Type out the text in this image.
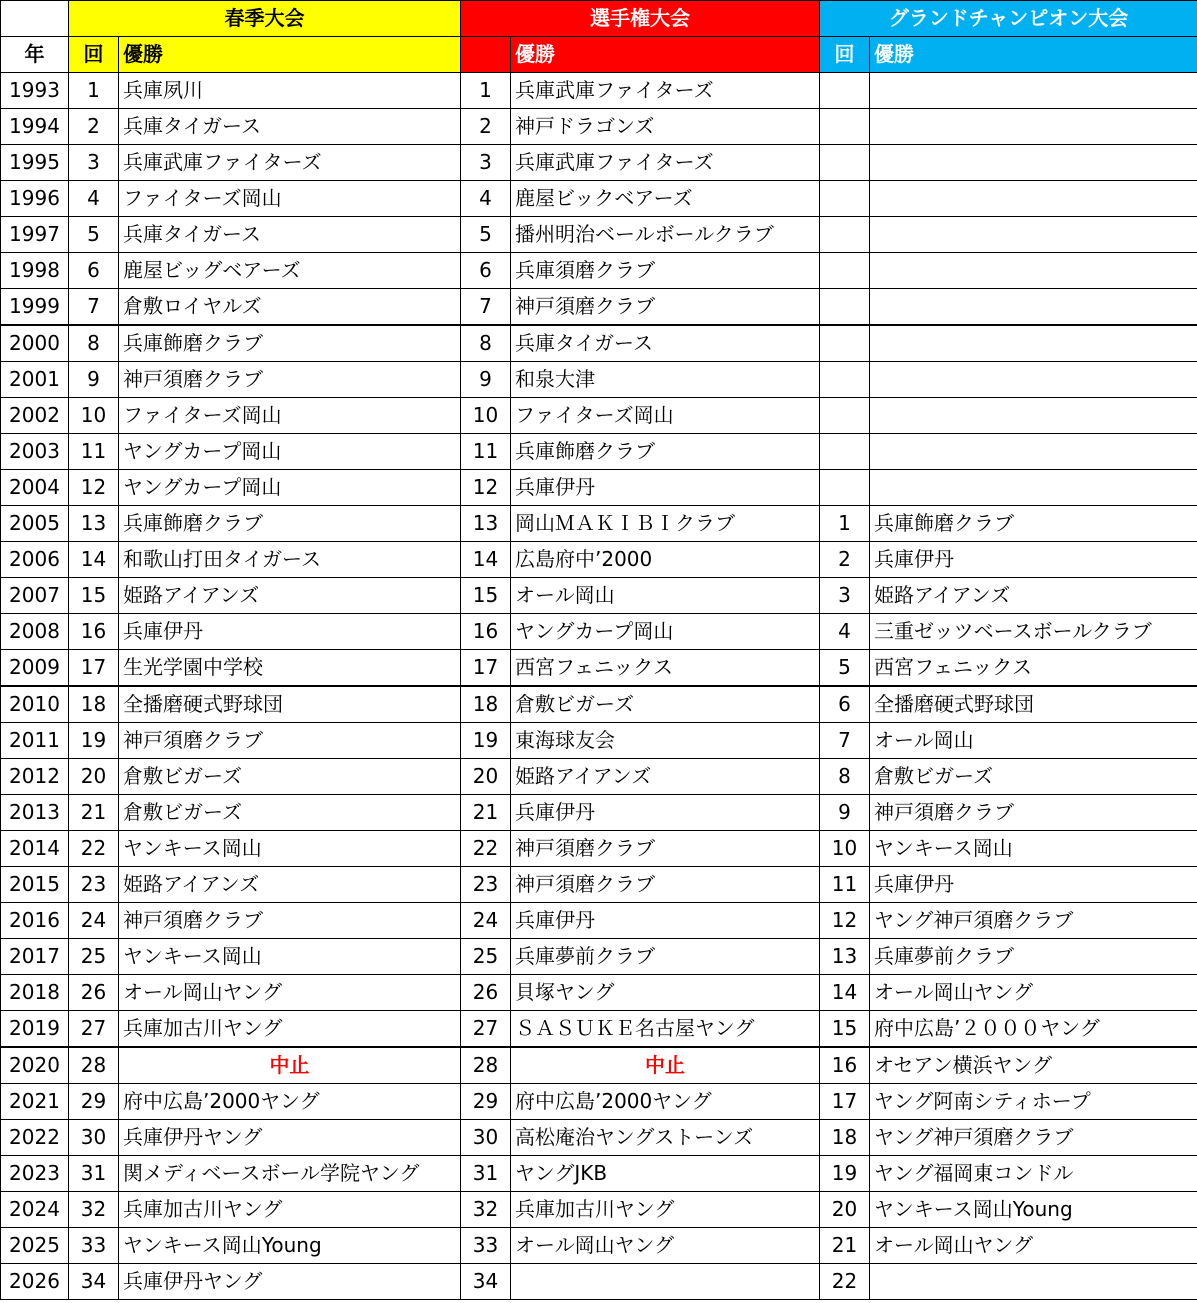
	春季大会		選手権大会		グランドチャンピオン大会	
年	回	優勝		優勝	回	優勝
1993	1	兵庫夙川	1	兵庫武庫ファイターズ		
1994	2	兵庫タイガース	2	神戸ドラゴンズ		
1995	3	兵庫武庫ファイターズ	3	兵庫武庫ファイターズ		
1996	4	ファイターズ岡山	4	鹿屋ビックベアーズ		
1997	5	兵庫タイガース	5	播州明治ベールボールクラブ		
1998	6	鹿屋ビッグベアーズ	6	兵庫須磨クラブ		
1999	7	倉敷ロイヤルズ	7	神戸須磨クラブ		
2000	8	兵庫飾磨クラブ	8	兵庫タイガース		
2001	9	神戸須磨クラブ	9	和泉大津		
2002	10	ファイターズ岡山	10	ファイターズ岡山		
2003	11	ヤングカープ岡山	11	兵庫飾磨クラブ		
2004	12	ヤングカープ岡山	12	兵庫伊丹		
2005	13	兵庫飾磨クラブ	13	岡山ＭＡＫＩＢＩクラブ	1	兵庫飾磨クラブ
2006	14	和歌山打田タイガース	14	広島府中’2000	2	兵庫伊丹
2007	15	姫路アイアンズ	15	オール岡山	3	姫路アイアンズ
2008	16	兵庫伊丹	16	ヤングカープ岡山	4	三重ゼッツベースボールクラブ
2009	17	生光学園中学校	17	西宮フェニックス	5	西宮フェニックス
2010	18	全播磨硬式野球団	18	倉敷ビガーズ	6	全播磨硬式野球団
2011	19	神戸須磨クラブ	19	東海球友会	7	オール岡山
2012	20	倉敷ビガーズ	20	姫路アイアンズ	8	倉敷ビガーズ
2013	21	倉敷ビガーズ	21	兵庫伊丹	9	神戸須磨クラブ
2014	22	ヤンキース岡山	22	神戸須磨クラブ	10	ヤンキース岡山
2015	23	姫路アイアンズ	23	神戸須磨クラブ	11	兵庫伊丹
2016	24	神戸須磨クラブ	24	兵庫伊丹	12	ヤング神戸須磨クラブ
2017	25	ヤンキース岡山	25	兵庫夢前クラブ	13	兵庫夢前クラブ
2018	26	オール岡山ヤング	26	貝塚ヤング	14	オール岡山ヤング
2019	27	兵庫加古川ヤング	27	ＳＡＳＵＫＥ名古屋ヤング	15	府中広島’２０００ヤング
2020	28	中止	28	中止	16	オセアン横浜ヤング
2021	29	府中広島’2000ヤング	29	府中広島’2000ヤング	17	ヤング阿南シティホープ
2022	30	兵庫伊丹ヤング	30	高松庵治ヤングストーンズ	18	ヤング神戸須磨クラブ
2023	31	関メディベースボール学院ヤング	31	ヤングJKB	19	ヤング福岡東コンドル
2024	32	兵庫加古川ヤング	32	兵庫加古川ヤング	20	ヤンキース岡山Young
2025	33	ヤンキース岡山Young	33	オール岡山ヤング	21	オール岡山ヤング
2026	34	兵庫伊丹ヤング	34		22	
